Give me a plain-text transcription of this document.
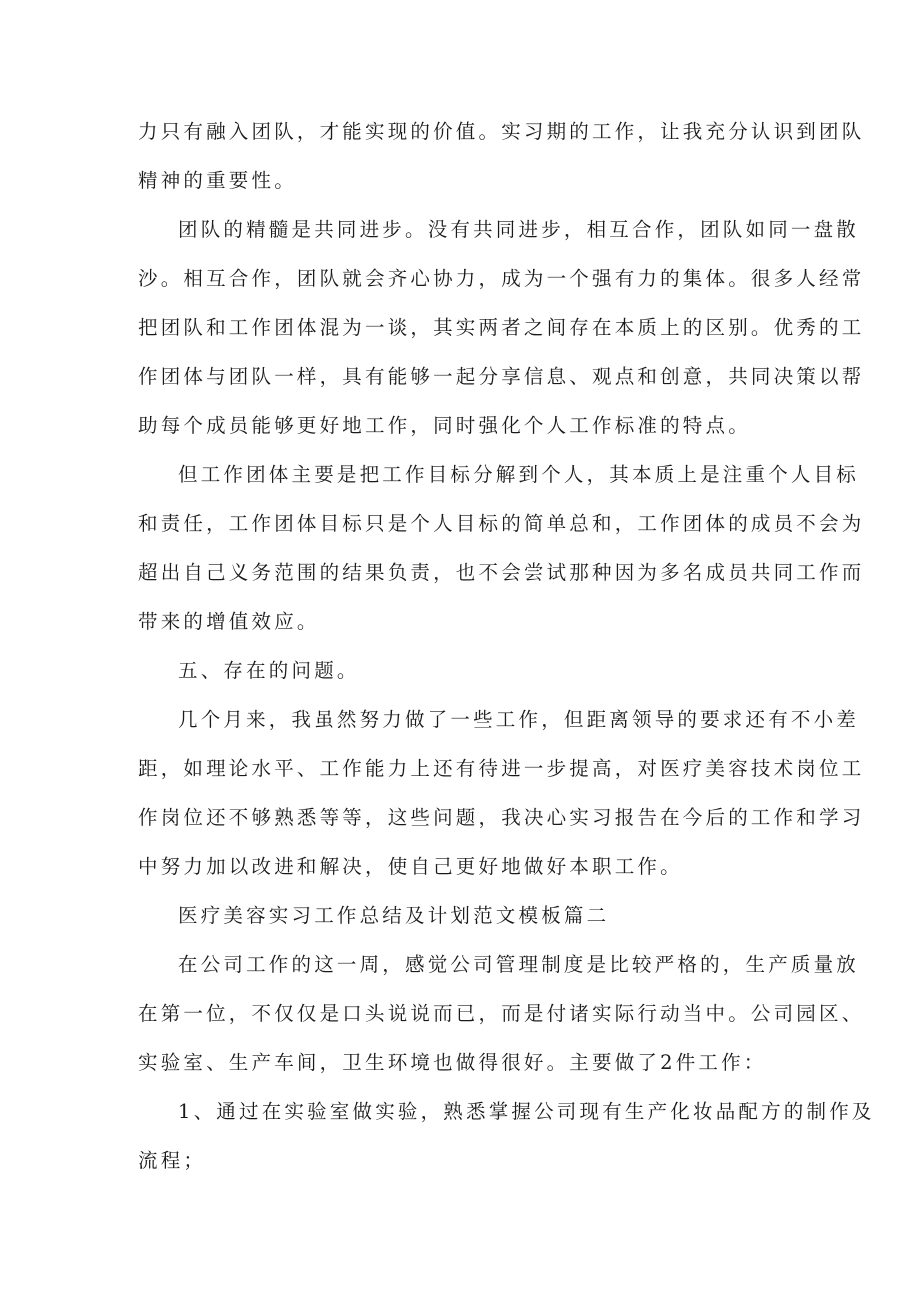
力只有融入团队，才能实现的价值。实习期的工作，让我充分认识到团队
精神的重要性。
团队的精髓是共同进步。没有共同进步，相互合作，团队如同一盘散
沙。相互合作，团队就会齐心协力，成为一个强有力的集体。很多人经常
把团队和工作团体混为一谈，其实两者之间存在本质上的区别。优秀的工
作团体与团队一样，具有能够一起分享信息、观点和创意，共同决策以帮
助每个成员能够更好地工作，同时强化个人工作标准的特点。
但工作团体主要是把工作目标分解到个人，其本质上是注重个人目标
和责任，工作团体目标只是个人目标的简单总和，工作团体的成员不会为
超出自己义务范围的结果负责，也不会尝试那种因为多名成员共同工作而
带来的增值效应。
五、存在的问题。
几个月来，我虽然努力做了一些工作，但距离领导的要求还有不小差
距，如理论水平、工作能力上还有待进一步提高，对医疗美容技术岗位工
作岗位还不够熟悉等等，这些问题，我决心实习报告在今后的工作和学习
中努力加以改进和解决，使自己更好地做好本职工作。
医疗美容实习工作总结及计划范文模板篇二
在公司工作的这一周，感觉公司管理制度是比较严格的，生产质量放
在第一位，不仅仅是口头说说而已，而是付诸实际行动当中。公司园区、
实验室、生产车间，卫生环境也做得很好。主要做了2件工作：
1、通过在实验室做实验，熟悉掌握公司现有生产化妆品配方的制作及
流程；
